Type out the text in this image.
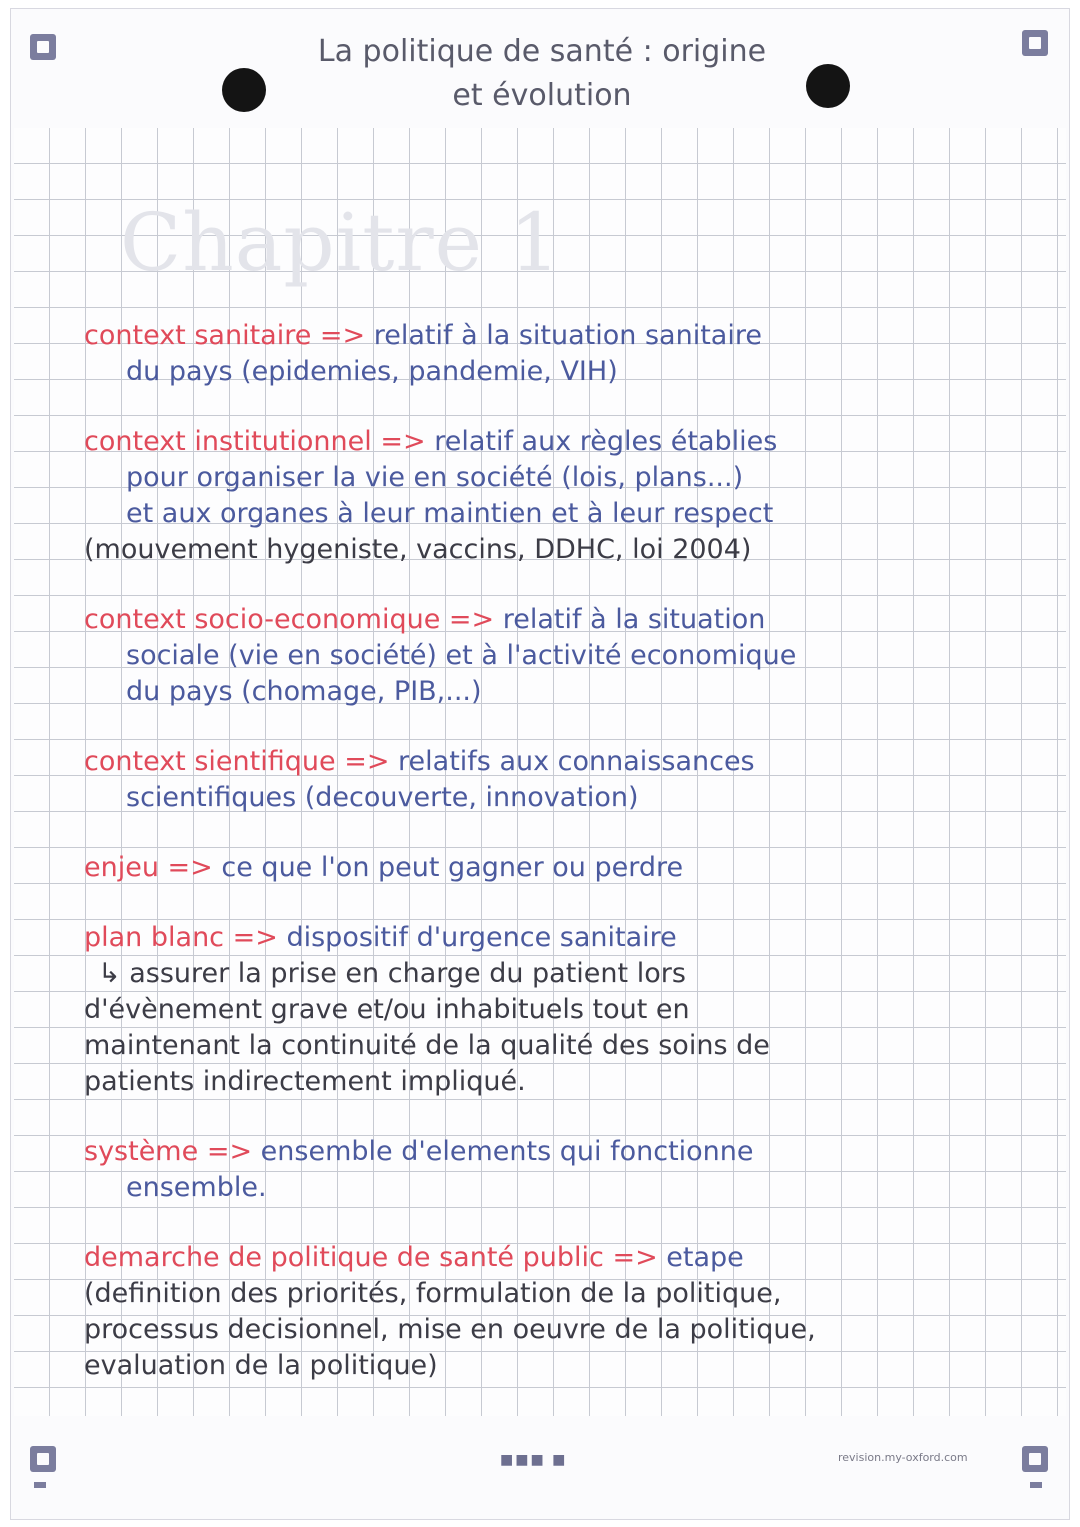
La politique de santé : origine
et évolution
Chapitre 1
context sanitaire => relatif à la situation sanitaire
du pays (epidemies, pandemie, VIH)
context institutionnel => relatif aux règles établies
pour organiser la vie en société (lois, plans...)
et aux organes à leur maintien et à leur respect
(mouvement hygeniste, vaccins, DDHC, loi 2004)
context socio-economique => relatif à la situation
sociale (vie en société) et à l'activité economique
du pays (chomage, PIB,...)
context sientifique => relatifs aux connaissances
scientifiques (decouverte, innovation)
enjeu => ce que l'on peut gagner ou perdre
plan blanc => dispositif d'urgence sanitaire
↳ assurer la prise en charge du patient lors
d'évènement grave et/ou inhabituels tout en
maintenant la continuité de la qualité des soins de
patients indirectement impliqué.
système => ensemble d'elements qui fonctionne
ensemble.
demarche de politique de santé public => etape
(definition des priorités, formulation de la politique,
processus decisionnel, mise en oeuvre de la politique,
evaluation de la politique)
■■■ ■	revision.my-oxford.com
